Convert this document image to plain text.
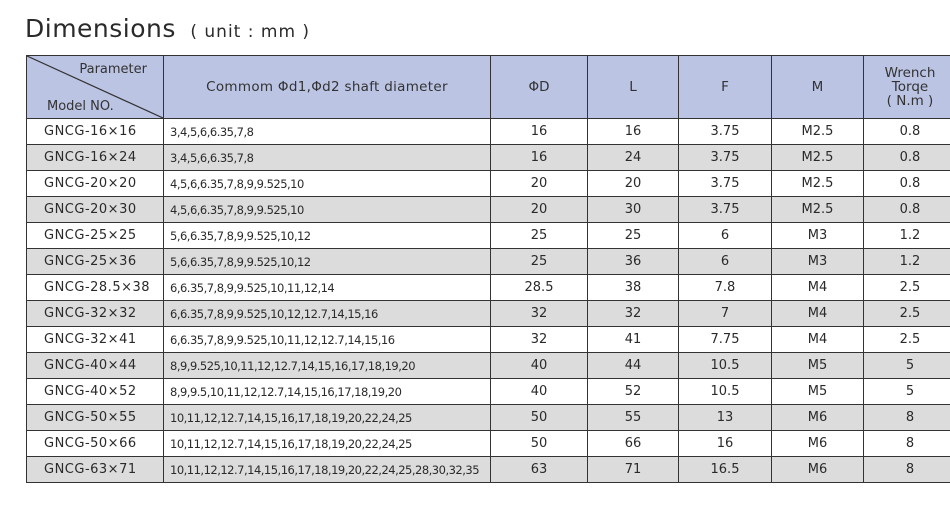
Dimensions ( unit : mm )
Parameter
Model NO.	Commom Φd1,Φd2 shaft diameter	ΦD	L	F	M	Wrench
Torqe
( N.m )

GNCG-16×16	3,4,5,6,6.35,7,8	16	16	3.75	M2.5	0.8
GNCG-16×24	3,4,5,6,6.35,7,8	16	24	3.75	M2.5	0.8
GNCG-20×20	4,5,6,6.35,7,8,9,9.525,10	20	20	3.75	M2.5	0.8
GNCG-20×30	4,5,6,6.35,7,8,9,9.525,10	20	30	3.75	M2.5	0.8
GNCG-25×25	5,6,6.35,7,8,9,9.525,10,12	25	25	6	M3	1.2
GNCG-25×36	5,6,6.35,7,8,9,9.525,10,12	25	36	6	M3	1.2
GNCG-28.5×38	6,6.35,7,8,9,9.525,10,11,12,14	28.5	38	7.8	M4	2.5
GNCG-32×32	6,6.35,7,8,9,9.525,10,12,12.7,14,15,16	32	32	7	M4	2.5
GNCG-32×41	6,6.35,7,8,9,9.525,10,11,12,12.7,14,15,16	32	41	7.75	M4	2.5
GNCG-40×44	8,9,9.525,10,11,12,12.7,14,15,16,17,18,19,20	40	44	10.5	M5	5
GNCG-40×52	8,9,9.5,10,11,12,12.7,14,15,16,17,18,19,20	40	52	10.5	M5	5
GNCG-50×55	10,11,12,12.7,14,15,16,17,18,19,20,22,24,25	50	55	13	M6	8
GNCG-50×66	10,11,12,12.7,14,15,16,17,18,19,20,22,24,25	50	66	16	M6	8
GNCG-63×71	10,11,12,12.7,14,15,16,17,18,19,20,22,24,25,28,30,32,35	63	71	16.5	M6	8
